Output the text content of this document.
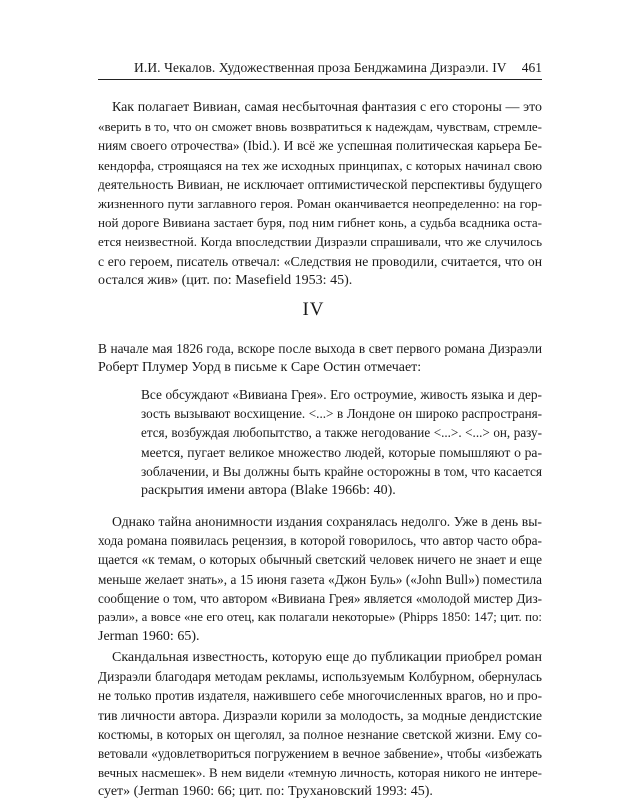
И.И. Чекалов. Художественная проза Бенджамина Дизраэли. IV 461
Как полагает Вивиан, самая несбыточная фантазия с его стороны — это
«верить в то, что он сможет вновь возвратиться к надеждам, чувствам, стремле-
ниям своего отрочества» (Ibid.). И всё же успешная политическая карьера Бе-
кендорфа, строящаяся на тех же исходных принципах, с которых начинал свою
деятельность Вивиан, не исключает оптимистической перспективы будущего
жизненного пути заглавного героя. Роман оканчивается неопределенно: на гор-
ной дороге Вивиана застает буря, под ним гибнет конь, а судьба всадника оста-
ется неизвестной. Когда впоследствии Дизраэли спрашивали, что же случилось
с его героем, писатель отвечал: «Следствия не проводили, считается, что он
остался жив» (цит. по: Masefield 1953: 45).
IV
В начале мая 1826 года, вскоре после выхода в свет первого романа Дизраэли
Роберт Плумер Уорд в письме к Саре Остин отмечает:
Все обсуждают «Вивиана Грея». Его остроумие, живость языка и дер-
зость вызывают восхищение. <...> в Лондоне он широко распространя-
ется, возбуждая любопытство, а также негодование <...>. <...> он, разу-
меется, пугает великое множество людей, которые помышляют о ра-
зоблачении, и Вы должны быть крайне осторожны в том, что касается
раскрытия имени автора (Blake 1966b: 40).
Однако тайна анонимности издания сохранялась недолго. Уже в день вы-
хода романа появилась рецензия, в которой говорилось, что автор часто обра-
щается «к темам, о которых обычный светский человек ничего не знает и еще
меньше желает знать», а 15 июня газета «Джон Буль» («John Bull») поместила
сообщение о том, что автором «Вивиана Грея» является «молодой мистер Диз-
раэли», а вовсе «не его отец, как полагали некоторые» (Phipps 1850: 147; цит. по:
Jerman 1960: 65).
Скандальная известность, которую еще до публикации приобрел роман
Дизраэли благодаря методам рекламы, используемым Колбурном, обернулась
не только против издателя, нажившего себе многочисленных врагов, но и про-
тив личности автора. Дизраэли корили за молодость, за модные дендистские
костюмы, в которых он щеголял, за полное незнание светской жизни. Ему со-
ветовали «удовлетвориться погружением в вечное забвение», чтобы «избежать
вечных насмешек». В нем видели «темную личность, которая никого не интере-
сует» (Jerman 1960: 66; цит. по: Трухановский 1993: 45).
